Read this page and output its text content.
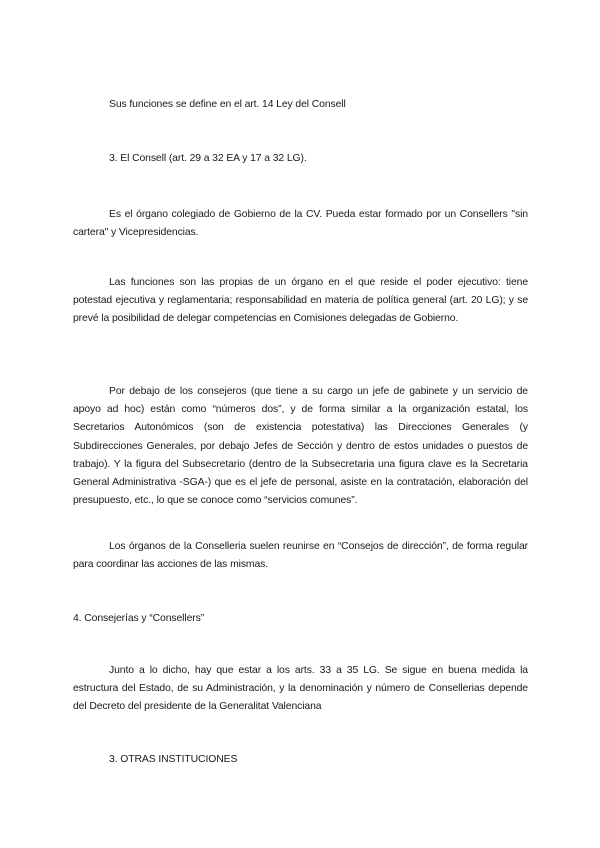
Sus funciones se define en el art. 14 Ley del Consell

3. El Consell (art. 29 a 32 EA y 17 a 32 LG).

Es el órgano colegiado de Gobierno de la CV. Pueda estar formado por un Consellers "sin cartera" y Vicepresidencias.

Las funciones son las propias de un órgano en el que reside el poder ejecutivo: tiene potestad ejecutiva y reglamentaria; responsabilidad en materia de política general (art. 20 LG); y se prevé la posibilidad de delegar competencias en Comisiones delegadas de Gobierno.

Por debajo de los consejeros (que tiene a su cargo un jefe de gabinete y un servicio de apoyo ad hoc) están como “números dos”, y de forma similar a la organización estatal, los Secretarios Autonómicos (son de existencia potestativa) las Direcciones Generales (y Subdirecciones Generales, por debajo Jefes de Sección y dentro de estos unidades o puestos de trabajo). Y la figura del Subsecretario (dentro de la Subsecretaria una figura clave es la Secretaria General Administrativa -SGA-) que es el jefe de personal, asiste en la contratación, elaboración del presupuesto, etc., lo que se conoce como “servicios comunes”.

Los órganos de la Conselleria suelen reunirse en “Consejos de dirección”, de forma regular para coordinar las acciones de las mismas.

4. Consejerías y “Consellers”

Junto a lo dicho, hay que estar a los arts. 33 a 35 LG. Se sigue en buena medida la estructura del Estado, de su Administración, y la denominación y número de Consellerias depende del Decreto del presidente de la Generalitat Valenciana

3. OTRAS INSTITUCIONES
